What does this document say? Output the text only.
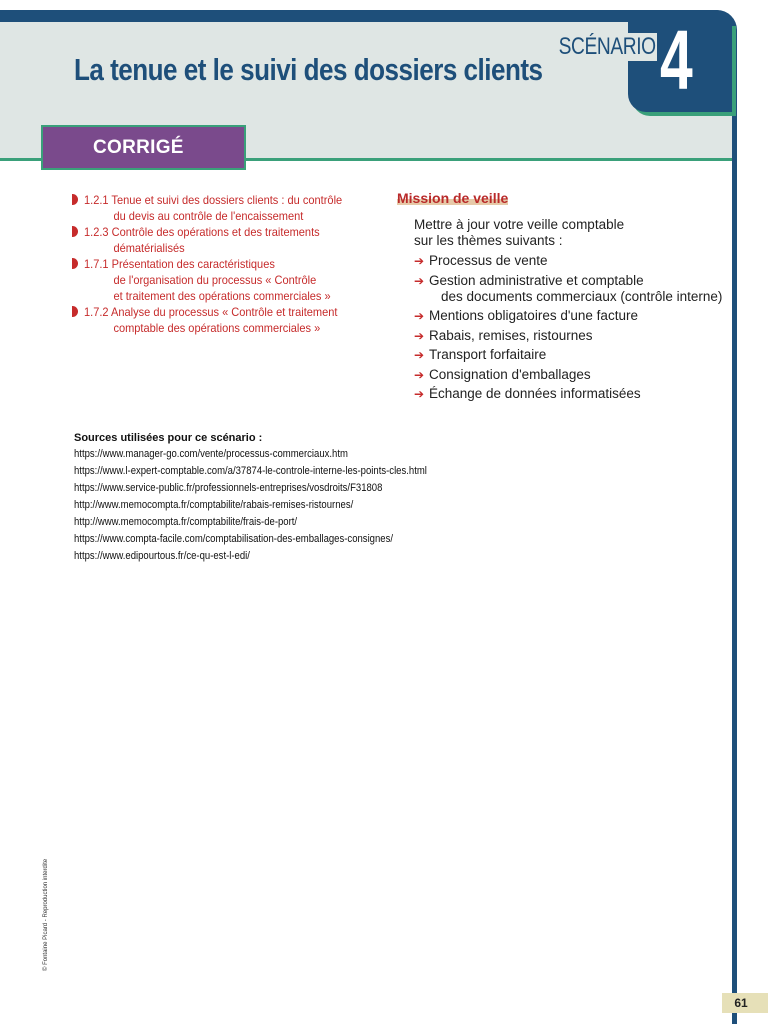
SCÉNARIO 4
La tenue et le suivi des dossiers clients
CORRIGÉ
1.2.1 Tenue et suivi des dossiers clients : du contrôle
du devis au contrôle de l'encaissement
1.2.3 Contrôle des opérations et des traitements
dématérialisés
1.7.1 Présentation des caractéristiques
de l'organisation du processus « Contrôle
et traitement des opérations commerciales »
1.7.2 Analyse du processus « Contrôle et traitement
comptable des opérations commerciales »
Mission de veille
Mettre à jour votre veille comptable
sur les thèmes suivants :
➔ Processus de vente
➔ Gestion administrative et comptable
des documents commerciaux (contrôle interne)
➔ Mentions obligatoires d'une facture
➔ Rabais, remises, ristournes
➔ Transport forfaitaire
➔ Consignation d'emballages
➔ Échange de données informatisées
Sources utilisées pour ce scénario :
https://www.manager-go.com/vente/processus-commerciaux.htm
https://www.l-expert-comptable.com/a/37874-le-controle-interne-les-points-cles.html
https://www.service-public.fr/professionnels-entreprises/vosdroits/F31808
http://www.memocompta.fr/comptabilite/rabais-remises-ristournes/
http://www.memocompta.fr/comptabilite/frais-de-port/
https://www.compta-facile.com/comptabilisation-des-emballages-consignes/
https://www.edipourtous.fr/ce-qu-est-l-edi/
© Fontaine Picard - Reproduction interdite
61
